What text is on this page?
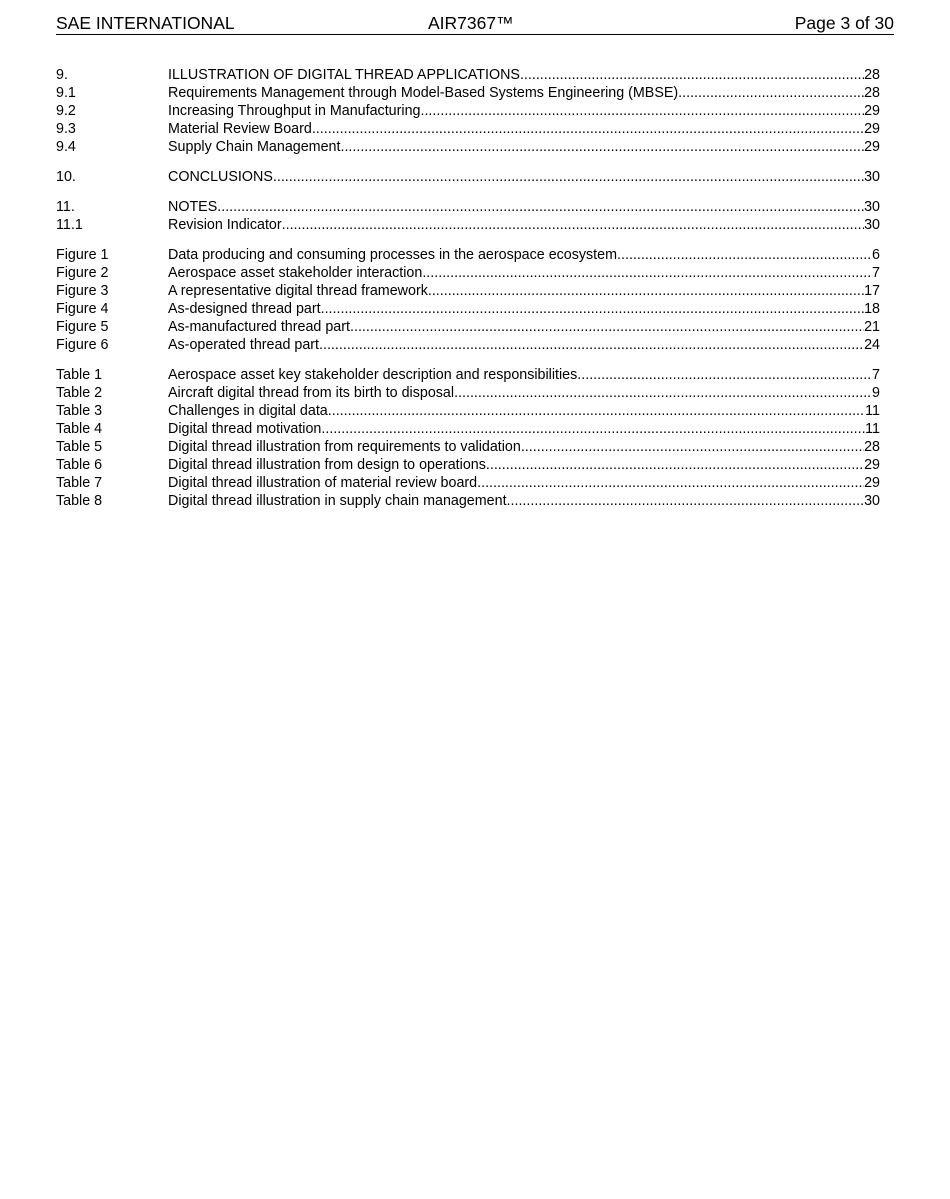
SAE INTERNATIONAL	AIR7367™	Page 3 of 30
9.	ILLUSTRATION OF DIGITAL THREAD APPLICATIONS .....	28
9.1	Requirements Management through Model-Based Systems Engineering (MBSE) .....	28
9.2	Increasing Throughput in Manufacturing .....	29
9.3	Material Review Board .....	29
9.4	Supply Chain Management .....	29
10.	CONCLUSIONS .....	30
11.	NOTES .....	30
11.1	Revision Indicator .....	30
Figure 1	Data producing and consuming processes in the aerospace ecosystem .....	6
Figure 2	Aerospace asset stakeholder interaction .....	7
Figure 3	A representative digital thread framework .....	17
Figure 4	As-designed thread part .....	18
Figure 5	As-manufactured thread part .....	21
Figure 6	As-operated thread part .....	24
Table 1	Aerospace asset key stakeholder description and responsibilities .....	7
Table 2	Aircraft digital thread from its birth to disposal .....	9
Table 3	Challenges in digital data .....	11
Table 4	Digital thread motivation .....	11
Table 5	Digital thread illustration from requirements to validation .....	28
Table 6	Digital thread illustration from design to operations .....	29
Table 7	Digital thread illustration of material review board .....	29
Table 8	Digital thread illustration in supply chain management .....	30
